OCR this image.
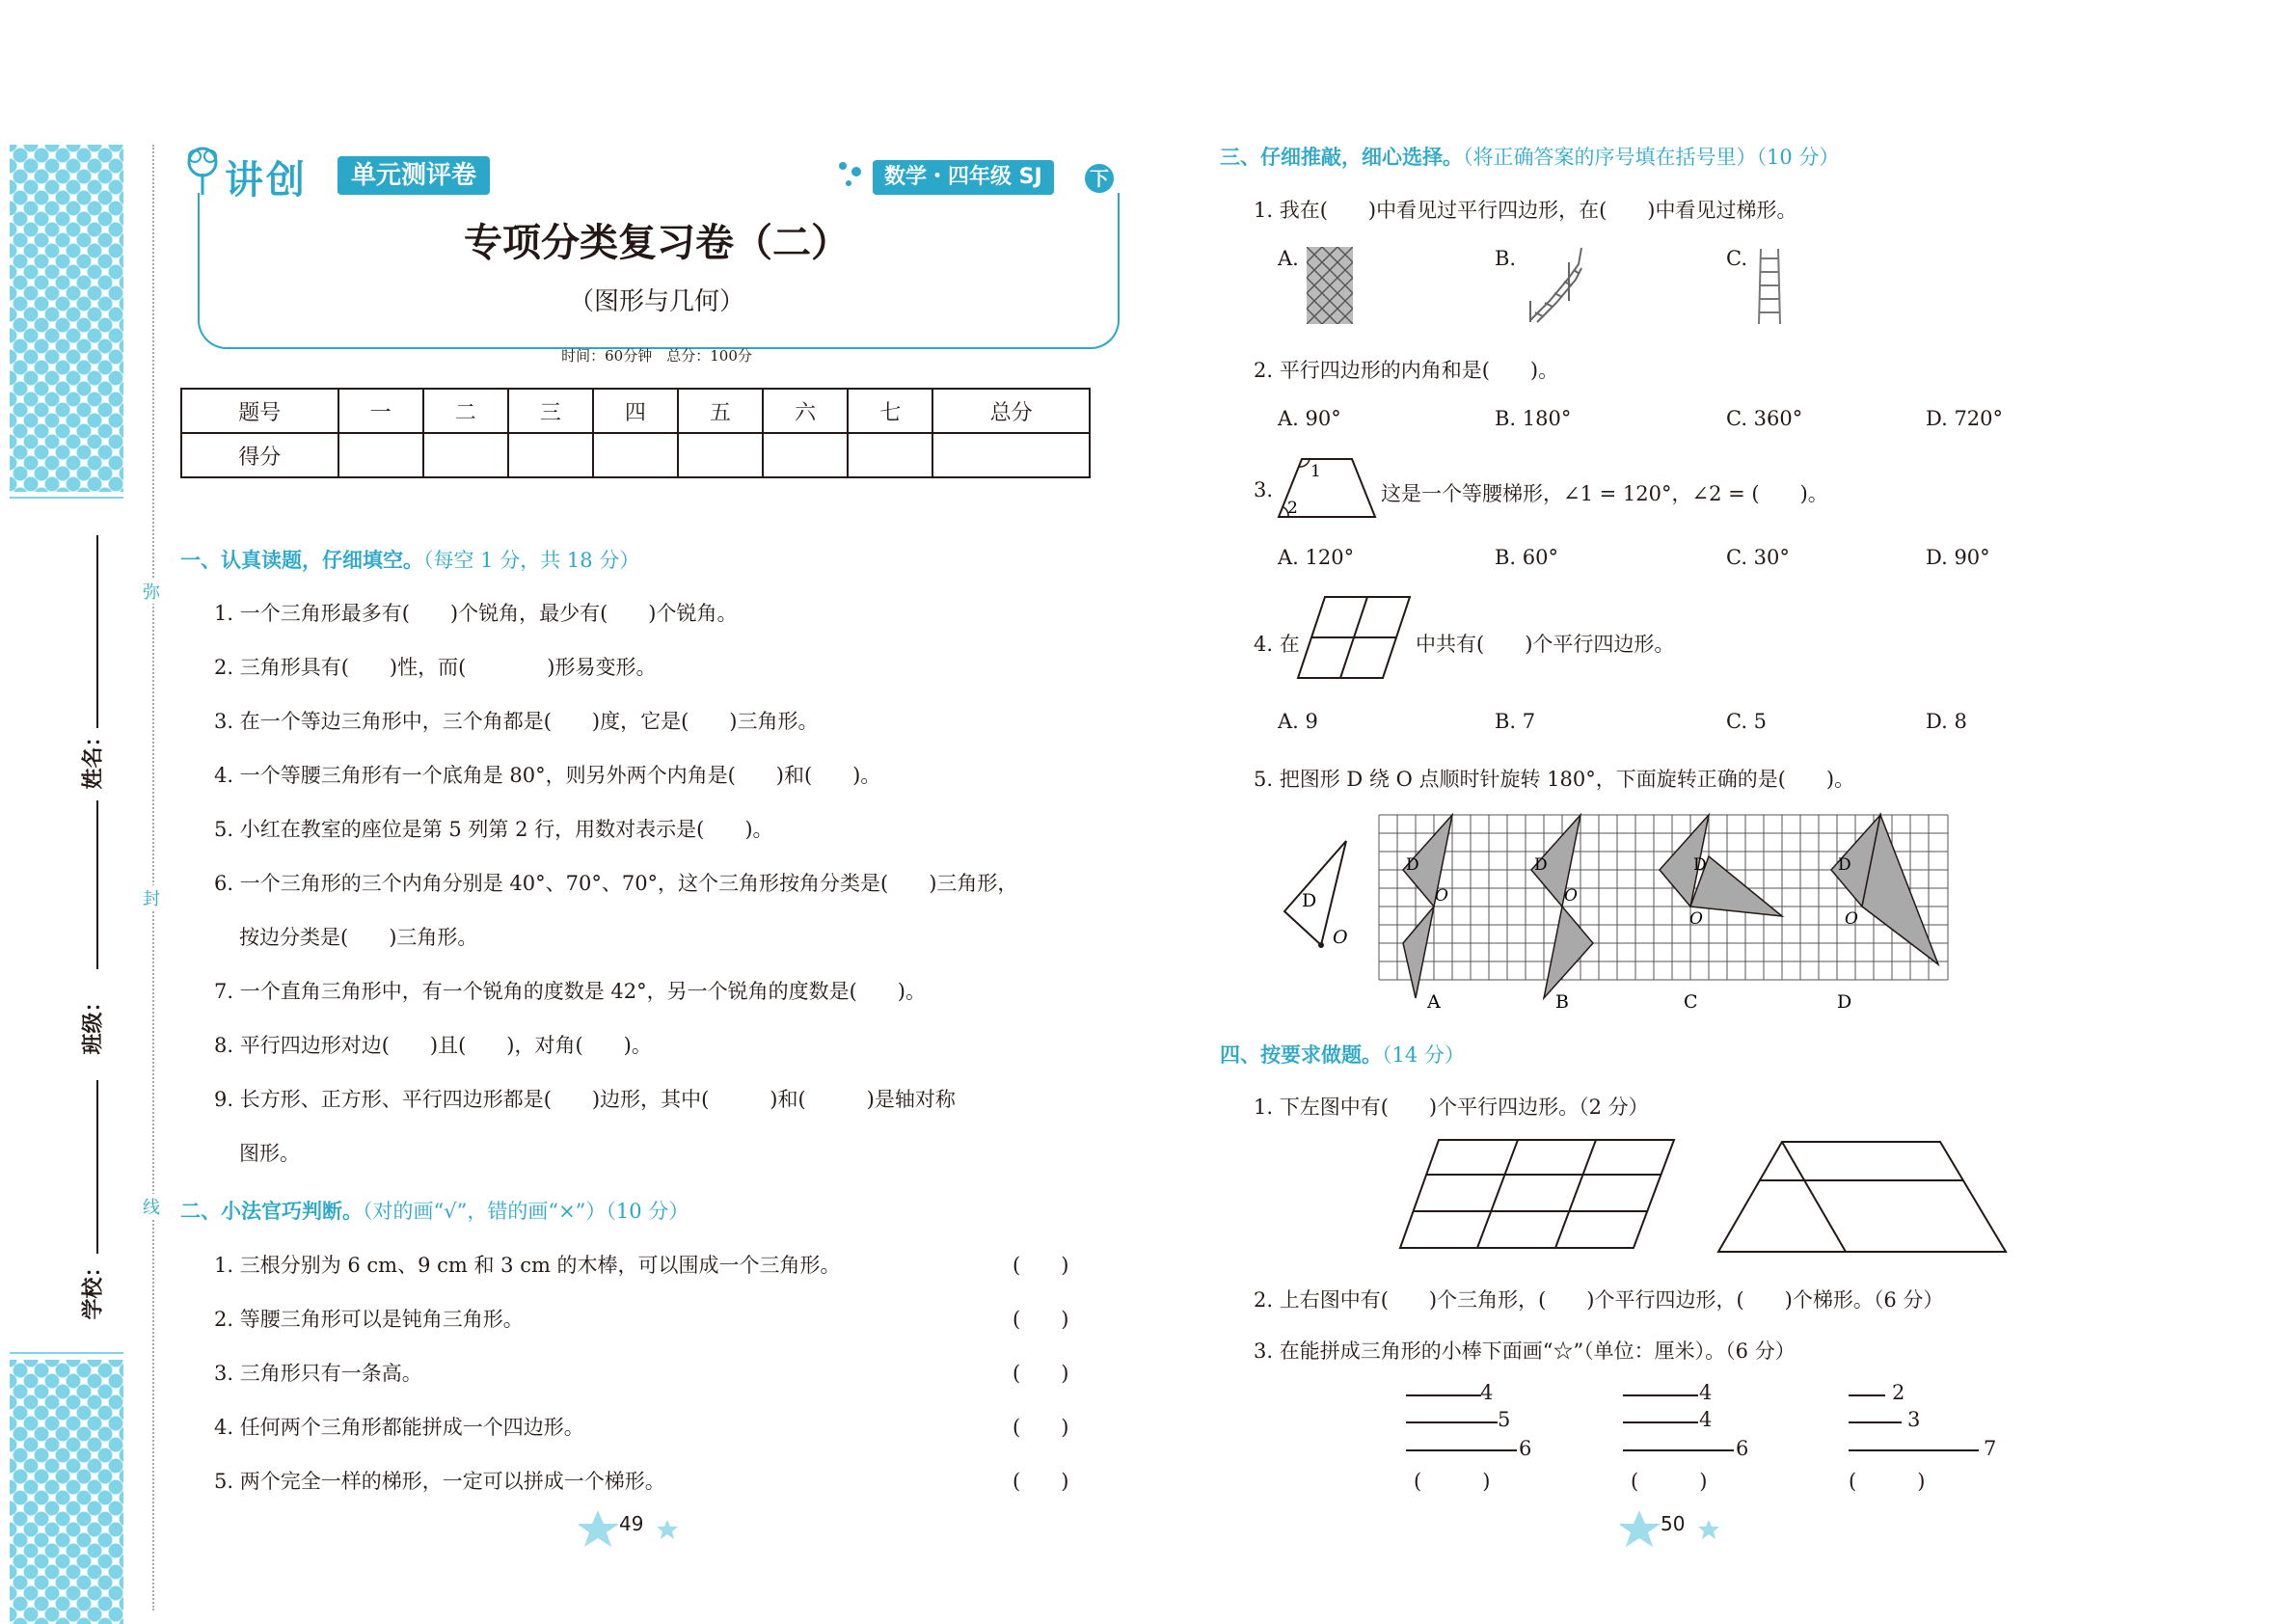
姓名：
班级：
学校：
弥
封
线
讲 创	单元测评卷	数学・四年级 SJ	下
专项分类复习卷（二）
（图形与几何）
时间：60分钟　总分：100分
题号	一	二	三	四	五	六	七	总分
得分								
一、认真读题，仔细填空。（每空 1 分，共 18 分）
1. 一个三角形最多有(　　)个锐角，最少有(　　)个锐角。
2. 三角形具有(　　)性，而(　　　　)形易变形。
3. 在一个等边三角形中，三个角都是(　　)度，它是(　　)三角形。
4. 一个等腰三角形有一个底角是 80°，则另外两个内角是(　　)和(　　)。
5. 小红在教室的座位是第 5 列第 2 行，用数对表示是(　　)。
6. 一个三角形的三个内角分别是 40°、70°、70°，这个三角形按角分类是(　　)三角形，
按边分类是(　　)三角形。
7. 一个直角三角形中，有一个锐角的度数是 42°，另一个锐角的度数是(　　)。
8. 平行四边形对边(　　)且(　　)，对角(　　)。
9. 长方形、正方形、平行四边形都是(　　)边形，其中(　　　)和(　　　)是轴对称
图形。
二、小法官巧判断。（对的画“√”，错的画“×”）（10 分）
1. 三根分别为 6 cm、9 cm 和 3 cm 的木棒，可以围成一个三角形。	(　　)
2. 等腰三角形可以是钝角三角形。	(　　)
3. 三角形只有一条高。	(　　)
4. 任何两个三角形都能拼成一个四边形。	(　　)
5. 两个完全一样的梯形，一定可以拼成一个梯形。	(　　)
49
三、仔细推敲，细心选择。（将正确答案的序号填在括号里）（10 分）
1. 我在(　　)中看见过平行四边形，在(　　)中看见过梯形。
A.	B.	C.
2. 平行四边形的内角和是(　　)。
A. 90°	B. 180°	C. 360°	D. 720°
3.
1
2
这是一个等腰梯形，∠1 = 120°，∠2 = (　　)。
A. 120°	B. 60°	C. 30°	D. 90°
4. 在	中共有(　　)个平行四边形。
A. 9	B. 7	C. 5	D. 8
5. 把图形 D 绕 O 点顺时针旋转 180°，下面旋转正确的是(　　)。
D
O
D
O
D
O
D
O
D
O
A	B	C	D
四、按要求做题。（14 分）
1. 下左图中有(　　)个平行四边形。（2 分）
2. 上右图中有(　　)个三角形，(　　)个平行四边形，(　　)个梯形。（6 分）
3. 在能拼成三角形的小棒下面画“☆”（单位：厘米）。（6 分）
4
5
6
(　　　)
4
4
6
(　　　)
2
3
7
(　　　)
50
